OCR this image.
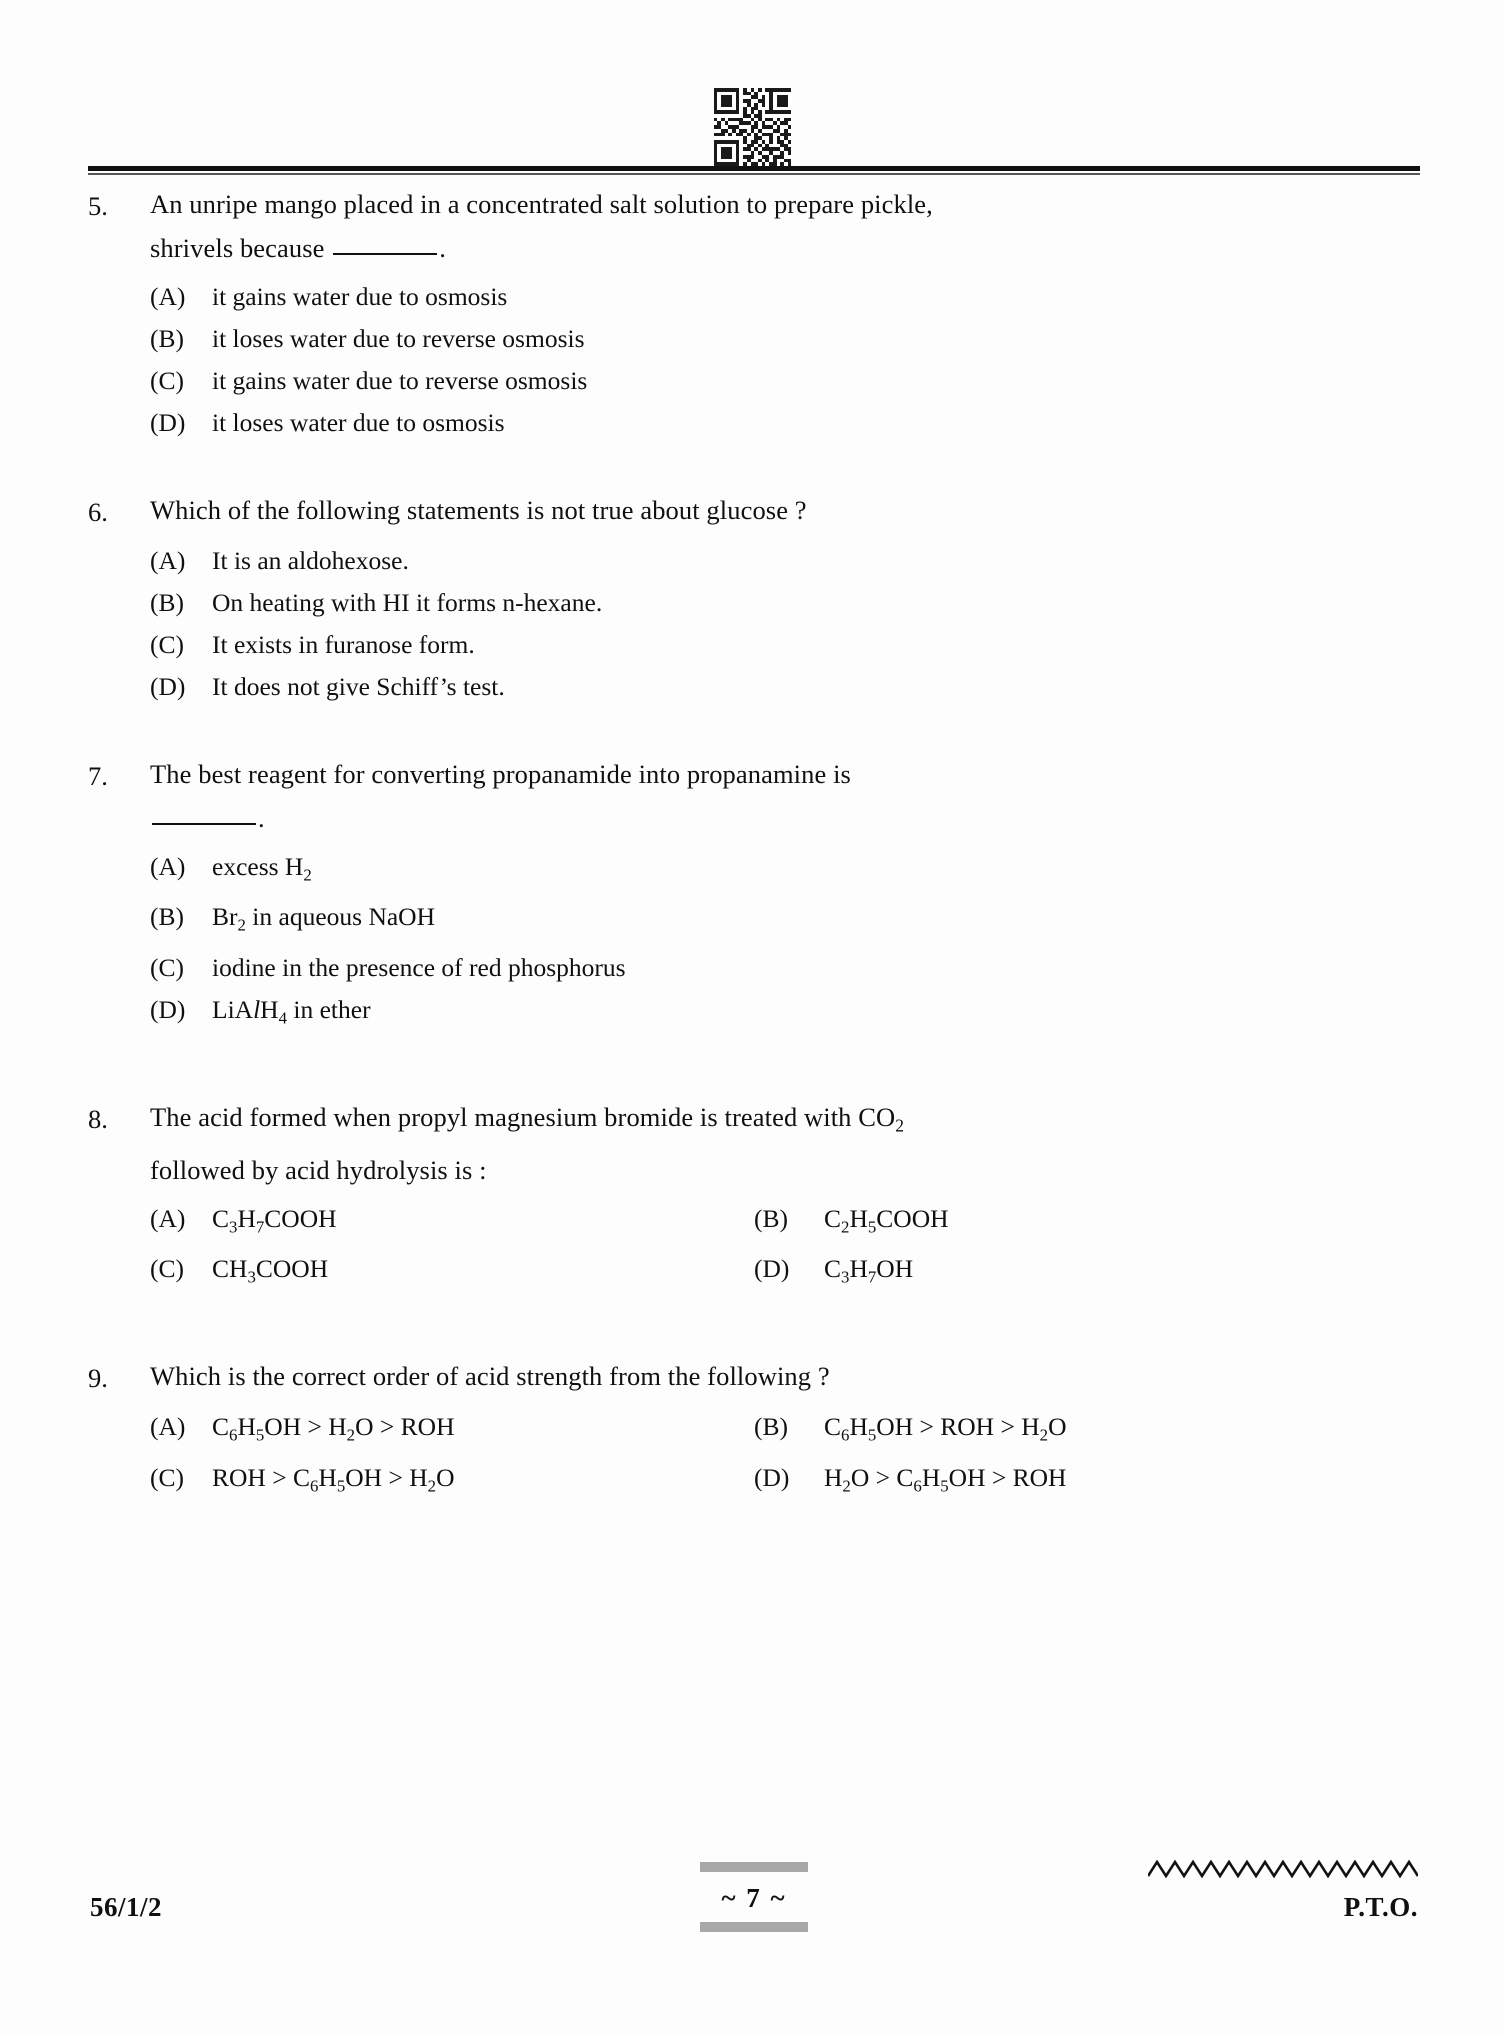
5.	An unripe mango placed in a concentrated salt solution to prepare pickle,
shrivels because	.
(A)	it gains water due to osmosis
(B)	it loses water due to reverse osmosis
(C)	it gains water due to reverse osmosis
(D)	it loses water due to osmosis
6.	Which of the following statements is not true about glucose ?
(A)	It is an aldohexose.
(B)	On heating with HI it forms n-hexane.
(C)	It exists in furanose form.
(D)	It does not give Schiff’s test.
7.	The best reagent for converting propanamide into propanamine is
.
(A)	excess $H_2$
(B)	$Br_2$ in aqueous NaOH
(C)	iodine in the presence of red phosphorus
(D)	LiAlH$_4$ in ether
8.	The acid formed when propyl magnesium bromide is treated with $CO_2$
followed by acid hydrolysis is :
(A)	$C_3H_7COOH$	(B)	$C_2H_5COOH$
(C)	$CH_3COOH$	(D)	$C_3H_7OH$
9.	Which is the correct order of acid strength from the following ?
(A)	$C_6H_5OH > H_2O$ > ROH	(B)	$C_6H_5OH$ > ROH > $H_2O$
(C)	ROH > $C_6H_5OH > H_2O$	(D)	$H_2O > C_6H_5OH$ > ROH
56/1/2	~ 7 ~	P.T.O.
